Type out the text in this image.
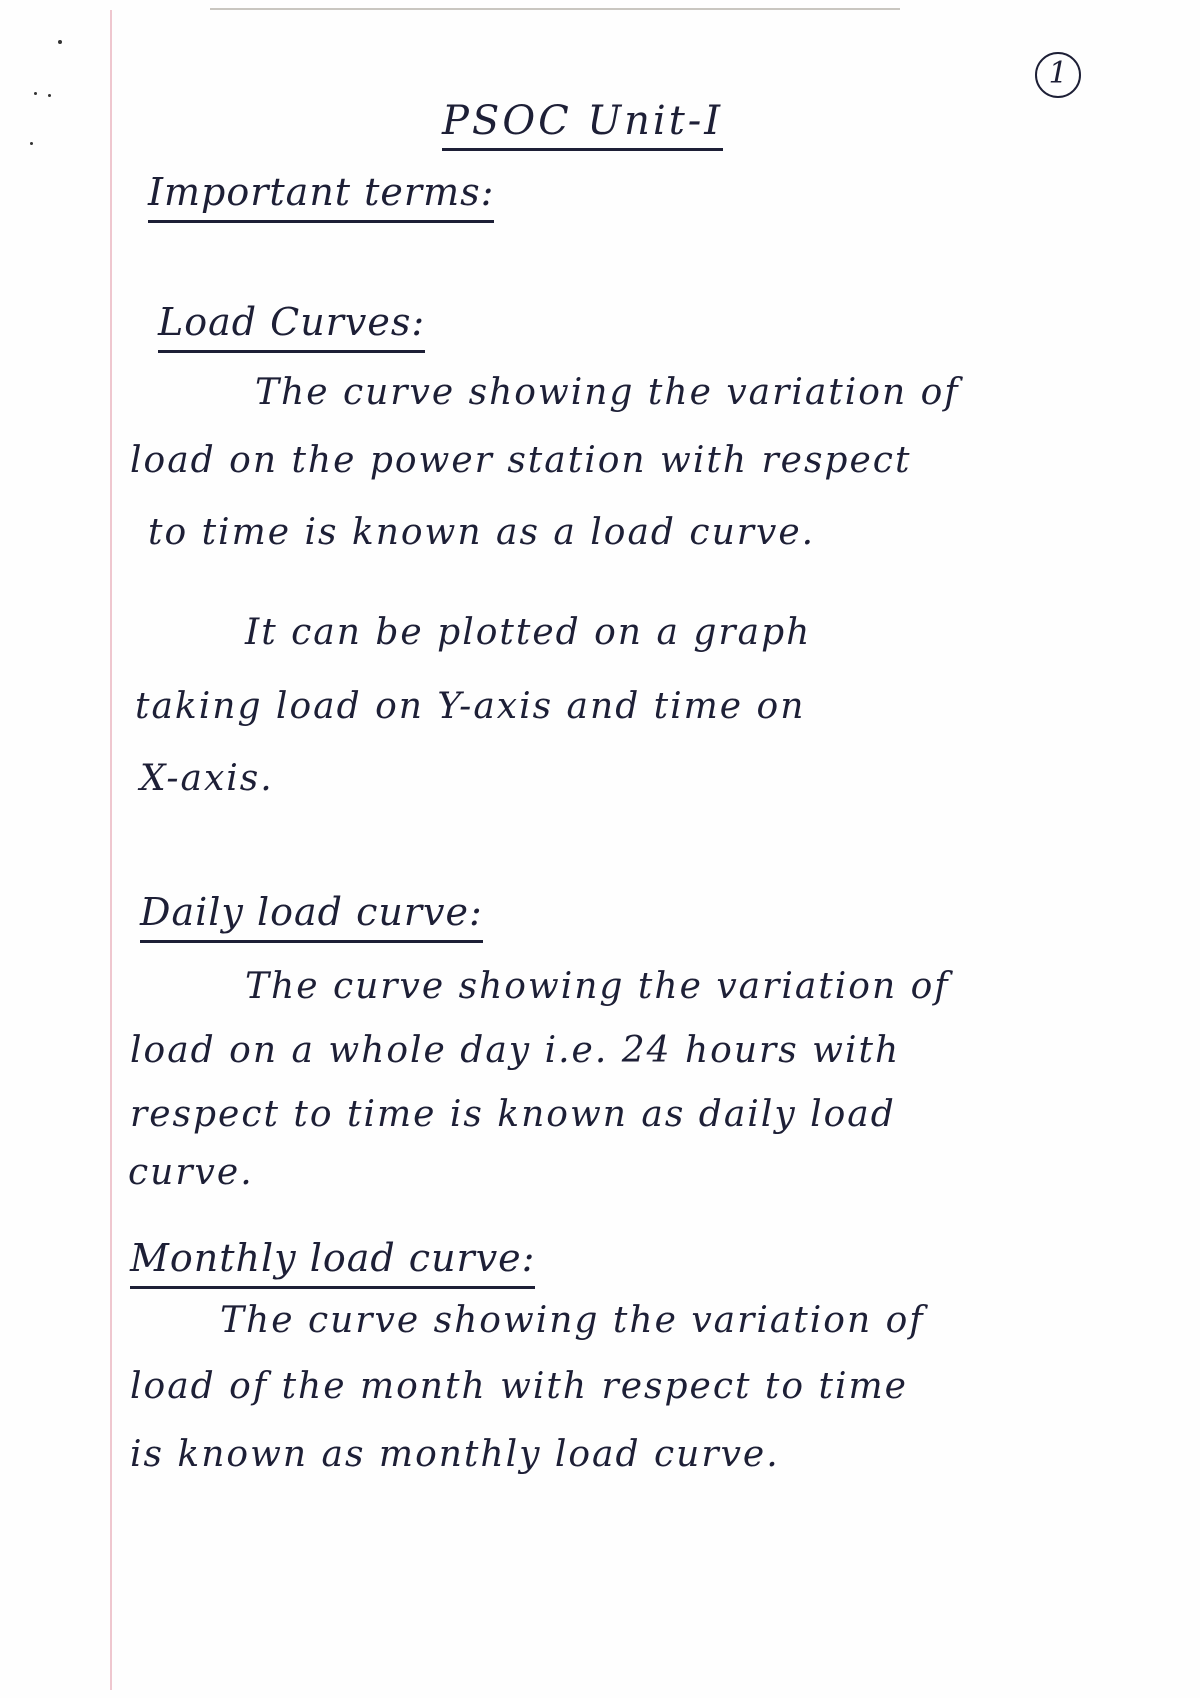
1
PSOC Unit-I
Important terms:
Load Curves:
The curve showing the variation of
load on the power station with respect
to time is known as a load curve.
It can be plotted on a graph
taking load on Y-axis and time on
X-axis.
Daily load curve:
The curve showing the variation of
load on a whole day i.e. 24 hours with
respect to time is known as daily load
curve.
Monthly load curve:
The curve showing the variation of
load of the month with respect to time
is known as monthly load curve.
